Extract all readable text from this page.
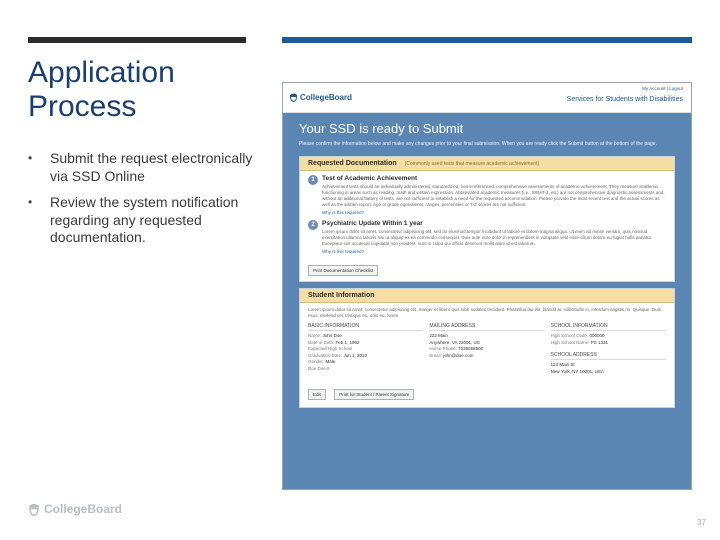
Application Process
• Submit the request electronically via SSD Online
• Review the system notification regarding any requested documentation.
CollegeBoard
My Account | Logout
Services for Students with Disabilities
Your SSD is ready to Submit
Please confirm the information below and make any changes prior to your final submission. When you are ready click the Submit button at the bottom of the page.
Requested Documentation (Commonly used tests that measure academic achievement)
1	Test of Academic Achievement
Achievement tests should be individually administered, standardized, norm-referenced, comprehensive assessments of academic achievement. They measure academic functioning in areas such as reading, math and written expression. Abbreviated academic measures (i.e., WRAT-4, etc) are not comprehensive diagnostic assessments and, without an additional battery of tests, are not sufficient to establish a need for the requested accommodation. Please provide the most recent test and the actual scores as well as the written report. Age or grade equivalents, ranges, percentiles or T/Z scores are not sufficient.
Why is this required?
2	Psychiatric Update Within 1 year
Lorem ipsum dolor sit amet, consectetur adipisicing elit, sed do eiusmod tempor incididunt ut labore et dolore magna aliqua. Ut enim ad minim veniam, quis nostrud exercitation ullamco laboris nisi ut aliquip ex ea commodo consequat. Duis aute irure dolor in reprehenderit in voluptate velit esse cillum dolore eu fugiat nulla pariatur. Excepteur sint occaecat cupidatat non proident, sunt in culpa qui officia deserunt mollit anim id est laborum.
Why is this required?
Print Documentation Checklist
Student Information
Lorem ipsum dolor sit amet, consectetur adipiscing elit. Integer et libero quis nibh sodales tincidunt. Phasellus dui elit, blandit ac sollicitudin in, interdum sagittis mi. Quisque. Duis risus, eleifend vel, tristique eu, odio eu, lorem.
BASIC INFORMATION
Name: John Doe
Date of Birth: Feb 1, 1992
Expected High School
Graduation Date: Jun 1, 2010
Gender: Male
Doe Doe #:
MAILING ADDRESS
222 Main
Anywhere, VA 22001, US
Home Phone: 7035558500
Email: john@doe.com
SCHOOL INFORMATION
High School Code: 000000
High School Name: PS 1331
SCHOOL ADDRESS
124 Main St
New York, NY 10001, USA
Edit	Print for Student / Parent Signature
CollegeBoard
37
